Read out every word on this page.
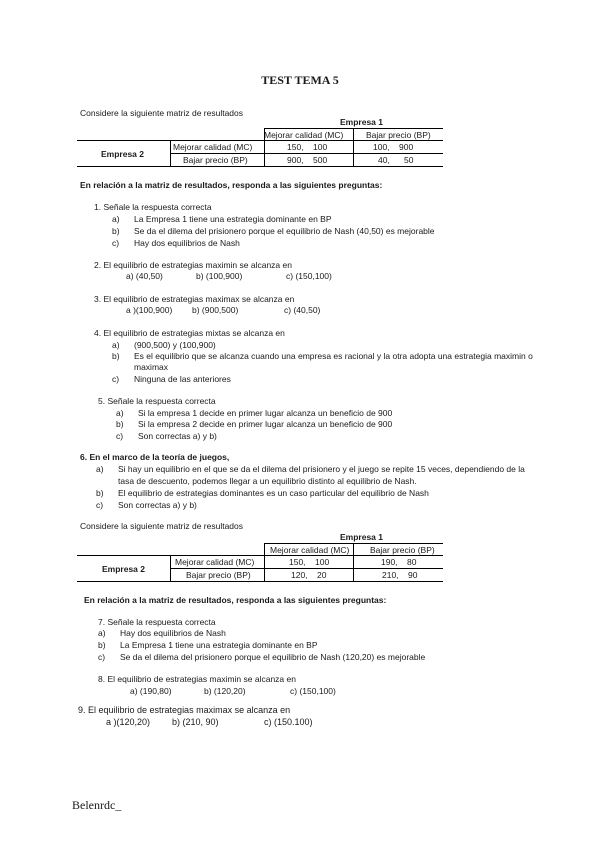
TEST TEMA 5
Considere la siguiente matriz de resultados
Empresa 1
Mejorar calidad (MC)	Bajar precio (BP)
Empresa 2
Mejorar calidad (MC)	150,    100	100,    900
Bajar precio (BP)	900,    500	40,      50
En relación a la matriz de resultados, responda a las siguientes preguntas:
1. Señale la respuesta correcta
a) La Empresa 1 tiene una estrategia dominante en BP
b) Se da el dilema del prisionero porque el equilibrio de Nash (40,50) es mejorable
c) Hay dos equilibrios de Nash
2. El equilibrio de estrategias maximin se alcanza en
a) (40,50)	b) (100,900)	c) (150,100)
3. El equilibrio de estrategias maximax se alcanza en
a )(100,900) b) (900,500)	c) (40,50)
4. El equilibrio de estrategias mixtas se alcanza en
a) (900,500) y (100,900)
b) Es el equilibrio que se alcanza cuando una empresa es racional y la otra adopta una estrategia maximin o
maximax
c) Ninguna de las anteriores
5. Señale la respuesta correcta
a) Si la empresa 1 decide en primer lugar alcanza un beneficio de 900
b) Si la empresa 2 decide en primer lugar alcanza un beneficio de 900
c) Son correctas a) y b)
6. En el marco de la teoría de juegos,
a) Si hay un equilibrio en el que se da el dilema del prisionero y el juego se repite 15 veces, dependiendo de la
tasa de descuento, podemos llegar a un equilibrio distinto al equilibrio de Nash.
b) El equilibrio de estrategias dominantes es un caso particular del equilibrio de Nash
c) Son correctas a) y b)
Considere la siguiente matriz de resultados
Empresa 1
Mejorar calidad (MC) Bajar precio (BP)
Empresa 2
Mejorar calidad (MC)	150,    100	190,    80
Bajar precio (BP)	120,    20	210,    90
En relación a la matriz de resultados, responda a las siguientes preguntas:
7. Señale la respuesta correcta
a) Hay dos equilibrios de Nash
b) La Empresa 1 tiene una estrategia dominante en BP
c) Se da el dilema del prisionero porque el equilibrio de Nash (120,20) es mejorable
8. El equilibrio de estrategias maximin se alcanza en
a) (190,80)	b) (120,20)	c) (150,100)
9. El equilibrio de estrategias maximax se alcanza en
a )(120,20) b) (210, 90)	c) (150.100)
Belenrdc_
